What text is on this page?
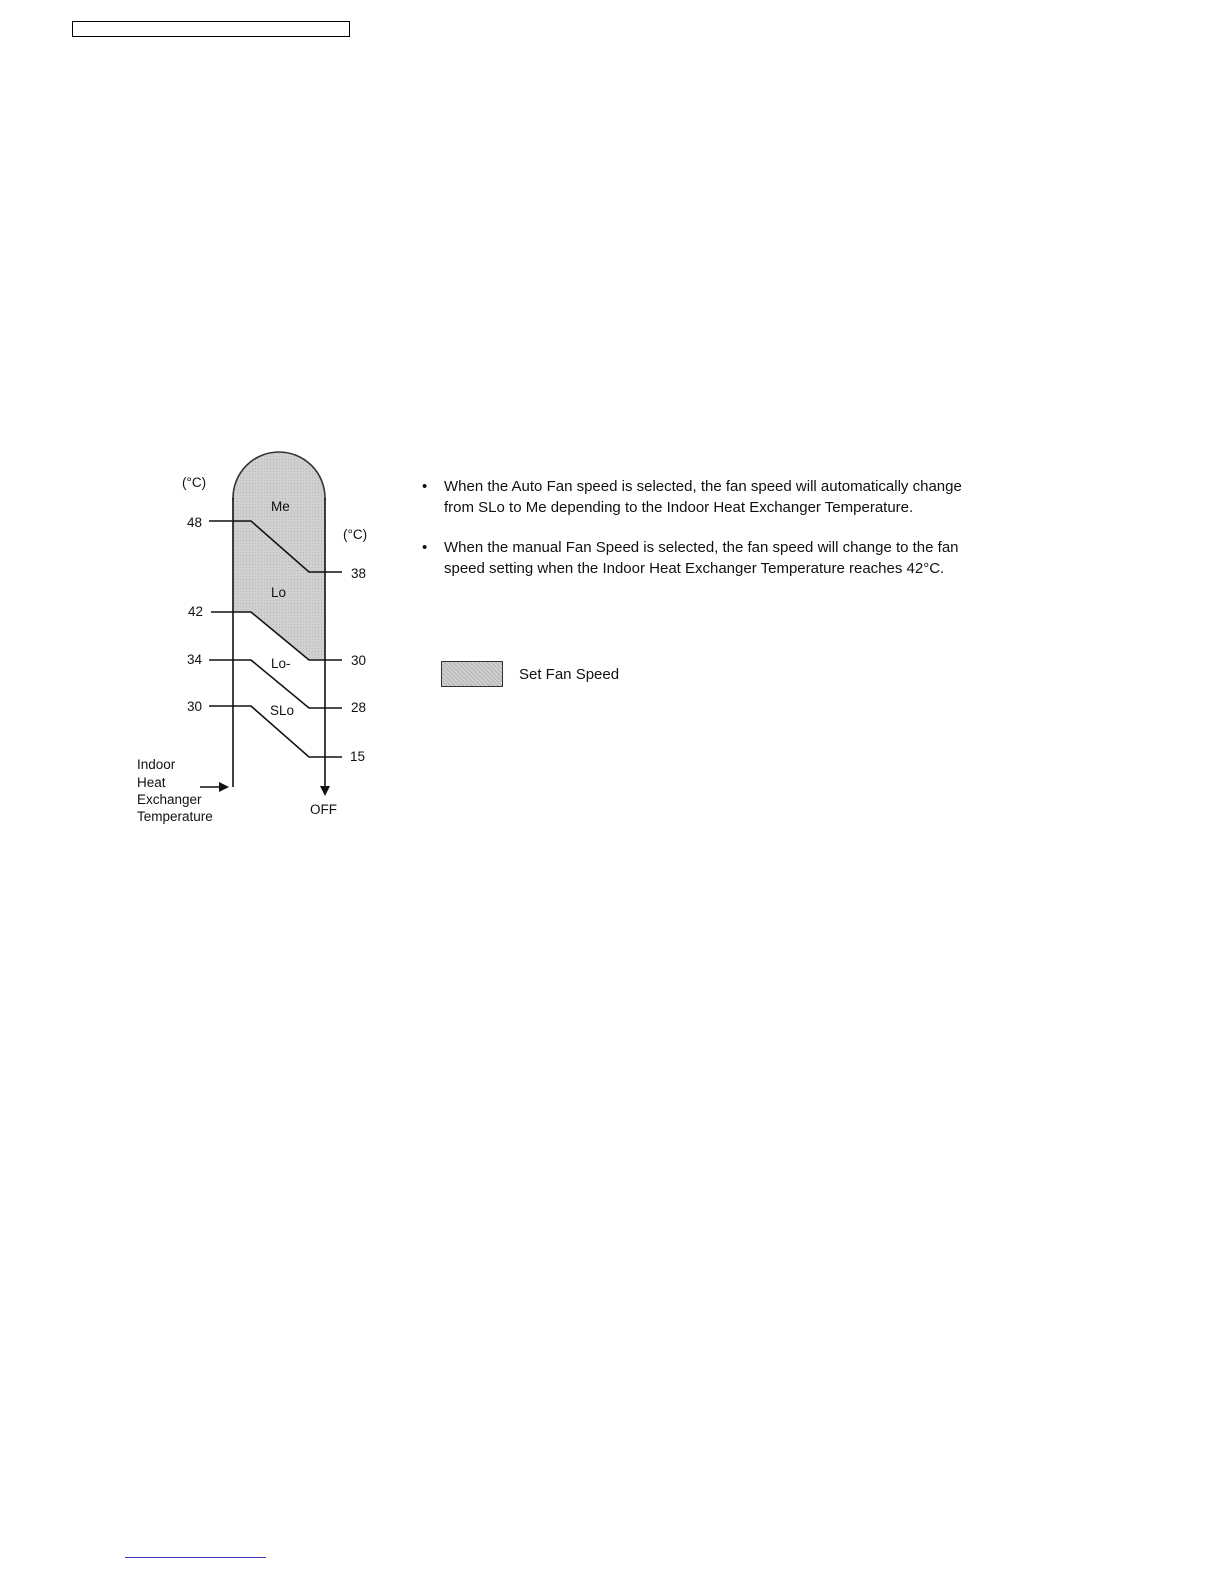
(°C)
(°C)
48
42
34
30
38
30
28
15
Me
Lo
Lo-
SLo
Indoor
Heat
Exchanger
Temperature	OFF
• When the Auto Fan speed is selected, the fan speed will automatically change from SLo to Me depending to the Indoor Heat Exchanger Temperature.
• When the manual Fan Speed is selected, the fan speed will change to the fan speed setting when the Indoor Heat Exchanger Temperature reaches 42°C.
Set Fan Speed
